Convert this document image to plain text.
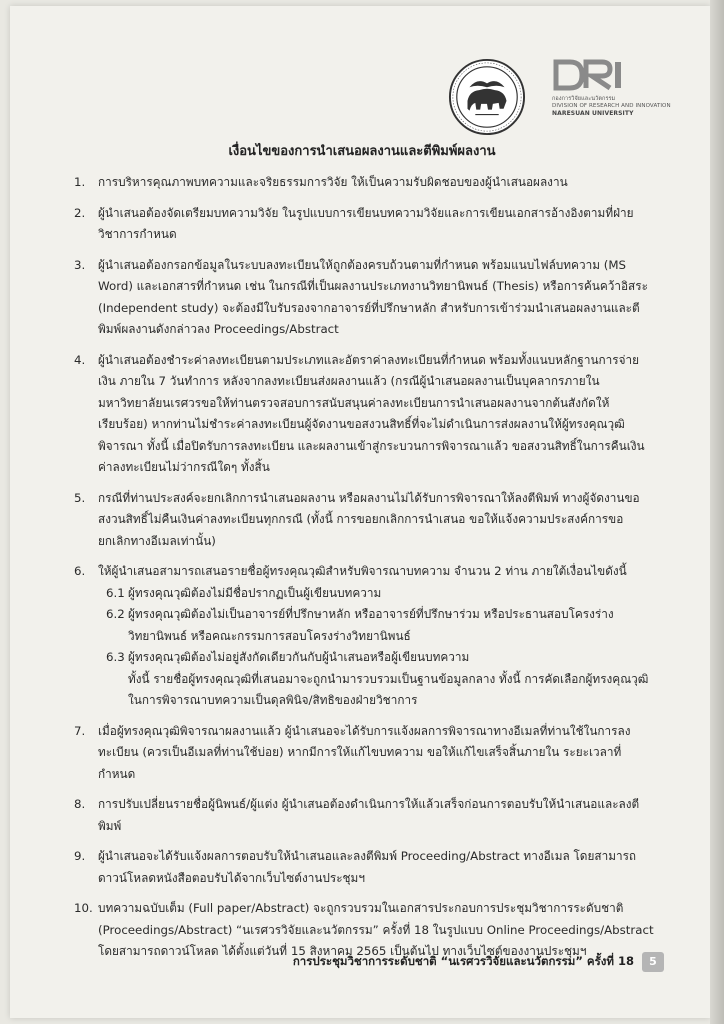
กองการวิจัยและนวัตกรรม
DIVISION OF RESEARCH AND INNOVATION
NARESUAN UNIVERSITY
เงื่อนไขของการนำเสนอผลงานและตีพิมพ์ผลงาน
1.	การบริหารคุณภาพบทความและจริยธรรมการวิจัย ให้เป็นความรับผิดชอบของผู้นำเสนอผลงาน
2.	ผู้นำเสนอต้องจัดเตรียมบทความวิจัย ในรูปแบบการเขียนบทความวิจัยและการเขียนเอกสารอ้างอิงตามที่ฝ่ายวิชาการกำหนด
3.	ผู้นำเสนอต้องกรอกข้อมูลในระบบลงทะเบียนให้ถูกต้องครบถ้วนตามที่กำหนด พร้อมแนบไฟล์บทความ (MS Word) และเอกสารที่กำหนด เช่น ในกรณีที่เป็นผลงานประเภทงานวิทยานิพนธ์ (Thesis) หรือการค้นคว้าอิสระ (Independent study) จะต้องมีใบรับรองจากอาจารย์ที่ปรึกษาหลัก สำหรับการเข้าร่วมนำเสนอผลงานและตีพิมพ์ผลงานดังกล่าวลง Proceedings/Abstract
4.	ผู้นำเสนอต้องชำระค่าลงทะเบียนตามประเภทและอัตราค่าลงทะเบียนที่กำหนด พร้อมทั้งแนบหลักฐานการจ่ายเงิน ภายใน 7 วันทำการ หลังจากลงทะเบียนส่งผลงานแล้ว (กรณีผู้นำเสนอผลงานเป็นบุคลากรภายในมหาวิทยาลัยนเรศวรขอให้ท่านตรวจสอบการสนับสนุนค่าลงทะเบียนการนำเสนอผลงานจากต้นสังกัดให้เรียบร้อย) หากท่านไม่ชำระค่าลงทะเบียนผู้จัดงานขอสงวนสิทธิ์ที่จะไม่ดำเนินการส่งผลงานให้ผู้ทรงคุณวุฒิพิจารณา ทั้งนี้ เมื่อปิดรับการลงทะเบียน และผลงานเข้าสู่กระบวนการพิจารณาแล้ว ขอสงวนสิทธิ์ในการคืนเงินค่าลงทะเบียนไม่ว่ากรณีใดๆ ทั้งสิ้น
5.	กรณีที่ท่านประสงค์จะยกเลิกการนำเสนอผลงาน หรือผลงานไม่ได้รับการพิจารณาให้ลงตีพิมพ์ ทางผู้จัดงานขอสงวนสิทธิ์ไม่คืนเงินค่าลงทะเบียนทุกกรณี (ทั้งนี้ การขอยกเลิกการนำเสนอ ขอให้แจ้งความประสงค์การขอยกเลิกทางอีเมลเท่านั้น)
6.	ให้ผู้นำเสนอสามารถเสนอรายชื่อผู้ทรงคุณวุฒิสำหรับพิจารณาบทความ จำนวน 2 ท่าน ภายใต้เงื่อนไขดังนี้
6.1 ผู้ทรงคุณวุฒิต้องไม่มีชื่อปรากฏเป็นผู้เขียนบทความ
6.2 ผู้ทรงคุณวุฒิต้องไม่เป็นอาจารย์ที่ปรึกษาหลัก หรืออาจารย์ที่ปรึกษาร่วม หรือประธานสอบโครงร่างวิทยานิพนธ์ หรือคณะกรรมการสอบโครงร่างวิทยานิพนธ์
6.3 ผู้ทรงคุณวุฒิต้องไม่อยู่สังกัดเดียวกันกับผู้นำเสนอหรือผู้เขียนบทความ
ทั้งนี้ รายชื่อผู้ทรงคุณวุฒิที่เสนอมาจะถูกนำมารวบรวมเป็นฐานข้อมูลกลาง ทั้งนี้ การคัดเลือกผู้ทรงคุณวุฒิในการพิจารณาบทความเป็นดุลพินิจ/สิทธิของฝ่ายวิชาการ
7.	เมื่อผู้ทรงคุณวุฒิพิจารณาผลงานแล้ว ผู้นำเสนอจะได้รับการแจ้งผลการพิจารณาทางอีเมลที่ท่านใช้ในการลงทะเบียน (ควรเป็นอีเมลที่ท่านใช้บ่อย) หากมีการให้แก้ไขบทความ ขอให้แก้ไขเสร็จสิ้นภายใน ระยะเวลาที่กำหนด
8.	การปรับเปลี่ยนรายชื่อผู้นิพนธ์/ผู้แต่ง ผู้นำเสนอต้องดำเนินการให้แล้วเสร็จก่อนการตอบรับให้นำเสนอและลงตีพิมพ์
9.	ผู้นำเสนอจะได้รับแจ้งผลการตอบรับให้นำเสนอและลงตีพิมพ์ Proceeding/Abstract ทางอีเมล โดยสามารถดาวน์โหลดหนังสือตอบรับได้จากเว็บไซต์งานประชุมฯ
10. บทความฉบับเต็ม (Full paper/Abstract) จะถูกรวบรวมในเอกสารประกอบการประชุมวิชาการระดับชาติ (Proceedings/Abstract) “นเรศวรวิจัยและนวัตกรรม” ครั้งที่ 18 ในรูปแบบ Online Proceedings/Abstract โดยสามารถดาวน์โหลด ได้ตั้งแต่วันที่ 15 สิงหาคม 2565 เป็นต้นไป ทางเว็บไซต์ของงานประชุมฯ
การประชุมวิชาการระดับชาติ “นเรศวรวิจัยและนวัตกรรม” ครั้งที่ 18	5
